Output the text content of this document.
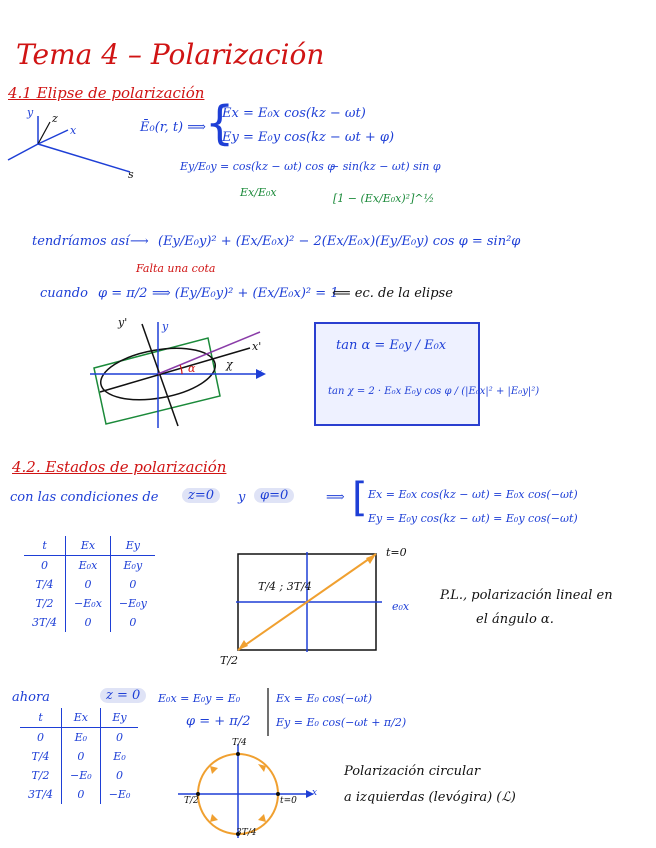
Tema 4 – Polarización
4.1 Elipse de polarización
y z
x
s
Ē₀(r, t) ⟹ {
Ex = E₀x cos(kz − ωt)
Ey = E₀y cos(kz − ωt + φ)
Ey/E₀y = cos(kz − ωt) cos φ
Ex/E₀x
− sin(kz − ωt) sin φ
[1 − (Ex/E₀x)²]^½
tendríamos así ⟶ (Ey/E₀y)² + (Ex/E₀x)² − 2(Ex/E₀x)(Ey/E₀y) cos φ = sin²φ
Falta una cota
cuando φ = π/2 ⟹ (Ey/E₀y)² + (Ex/E₀x)² = 1
⟸ ec. de la elipse
y'	y
x'
x
χ
α
tan α = E₀y / E₀x
tan χ = 2 · E₀x E₀y cos φ / (|E₀x|² + |E₀y|²)
4.2. Estados de polarización
con las condiciones de	z=0	y	φ=0	⟹ [ Ex = E₀x cos(kz − ωt) = E₀x cos(−ωt)
Ey = E₀y cos(kz − ωt) = E₀y cos(−ωt)
t	Ex	Ey
0	E₀x	E₀y
T/4	0	0
T/2	−E₀x	−E₀y
3T/4	0	0
t=0
T/4 ; 3T/4
T/2
e₀x
P.L., polarización lineal en
el ángulo α.
ahora	z = 0	E₀x = E₀y = E₀
φ = + π/2
Ex = E₀ cos(−ωt)
Ey = E₀ cos(−ωt + π/2)
t	Ex	Ey
0	E₀	0
T/4	0	E₀
T/2	−E₀	0
3T/4	0	−E₀
T/4
T/2	t=0
3T/4
x
Polarización circular
a izquierdas (levógira) (ℒ)
